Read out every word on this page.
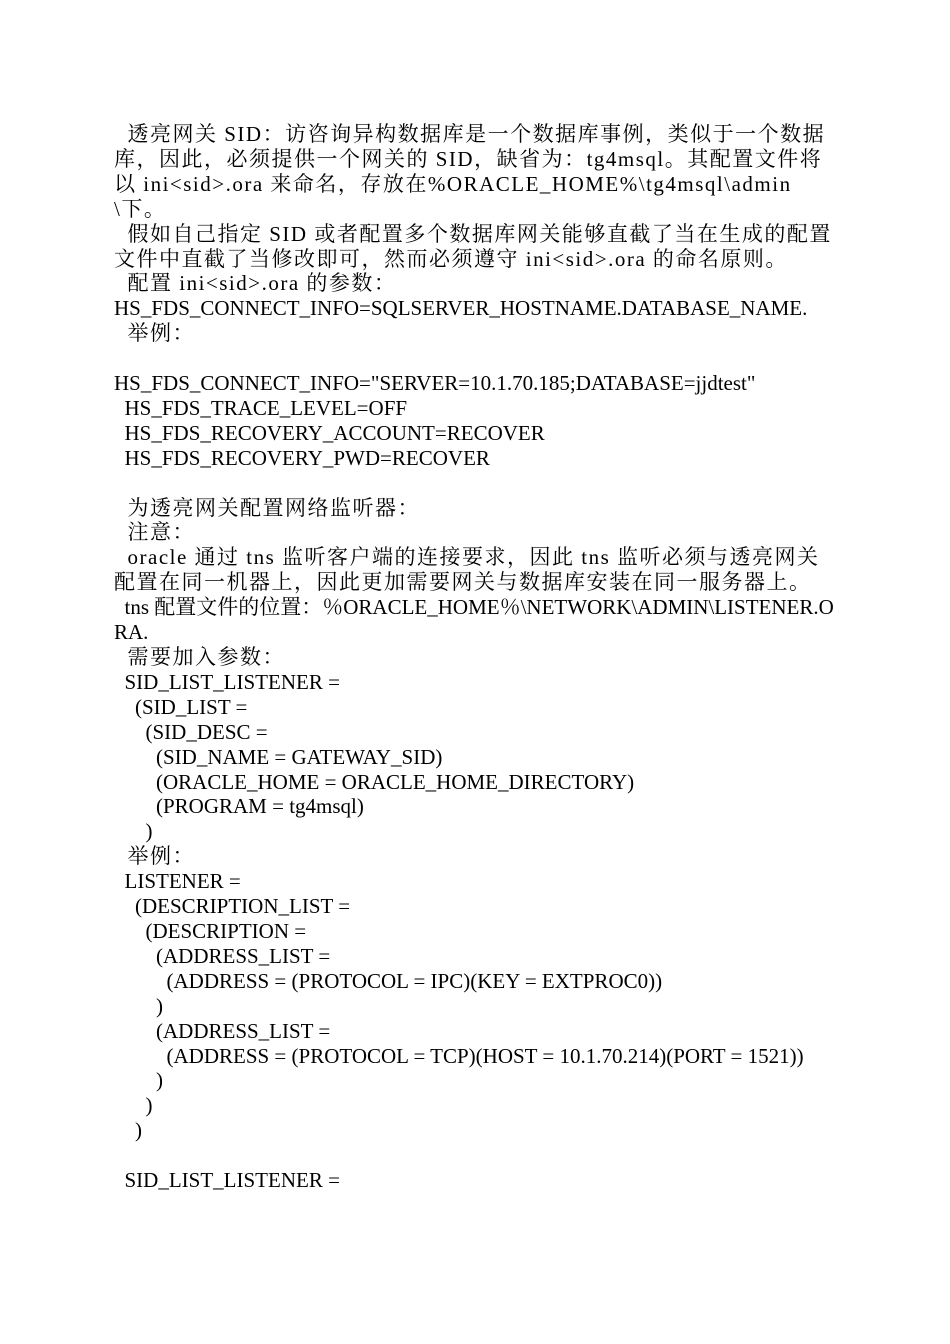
透亮网关 SID：访咨询异构数据库是一个数据库事例，类似于一个数据库，因此，必须提供一个网关的 SID，缺省为：tg4msql。其配置文件将以 ini<sid>.ora 来命名，存放在%ORACLE_HOME%\tg4msql\admin\下。
假如自己指定 SID 或者配置多个数据库网关能够直截了当在生成的配置文件中直截了当修改即可，然而必须遵守 ini<sid>.ora 的命名原则。
配置 ini<sid>.ora 的参数：
HS_FDS_CONNECT_INFO=SQLSERVER_HOSTNAME.DATABASE_NAME.
举例：
HS_FDS_CONNECT_INFO="SERVER=10.1.70.185;DATABASE=jjdtest"
HS_FDS_TRACE_LEVEL=OFF
HS_FDS_RECOVERY_ACCOUNT=RECOVER
HS_FDS_RECOVERY_PWD=RECOVER
为透亮网关配置网络监听器：
注意：
oracle 通过 tns 监听客户端的连接要求，因此 tns 监听必须与透亮网关配置在同一机器上，因此更加需要网关与数据库安装在同一服务器上。
tns 配置文件的位置：％ORACLE_HOME％\NETWORK\ADMIN\LISTENER.ORA.
需要加入参数：
SID_LIST_LISTENER =
(SID_LIST =
(SID_DESC =
(SID_NAME = GATEWAY_SID)
(ORACLE_HOME = ORACLE_HOME_DIRECTORY)
(PROGRAM = tg4msql)
)
举例：
LISTENER =
(DESCRIPTION_LIST =
(DESCRIPTION =
(ADDRESS_LIST =
(ADDRESS = (PROTOCOL = IPC)(KEY = EXTPROC0))
)
(ADDRESS_LIST =
(ADDRESS = (PROTOCOL = TCP)(HOST = 10.1.70.214)(PORT = 1521))
)
)
)
SID_LIST_LISTENER =
